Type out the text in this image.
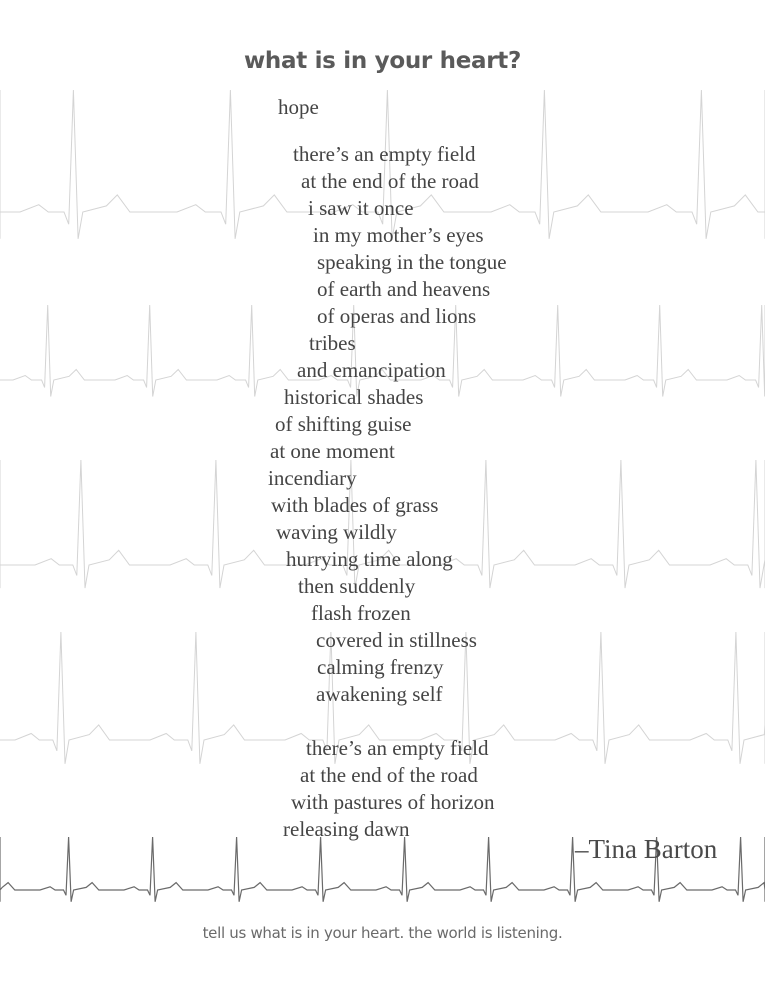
what is in your heart?
hope
there’s an empty field
at the end of the road
i saw it once
in my mother’s eyes
speaking in the tongue
of earth and heavens
of operas and lions
tribes
and emancipation
historical shades
of shifting guise
at one moment
incendiary
with blades of grass
waving wildly
hurrying time along
then suddenly
flash frozen
covered in stillness
calming frenzy
awakening self
there’s an empty field
at the end of the road
with pastures of horizon
releasing dawn
–Tina Barton
tell us what is in your heart. the world is listening.
